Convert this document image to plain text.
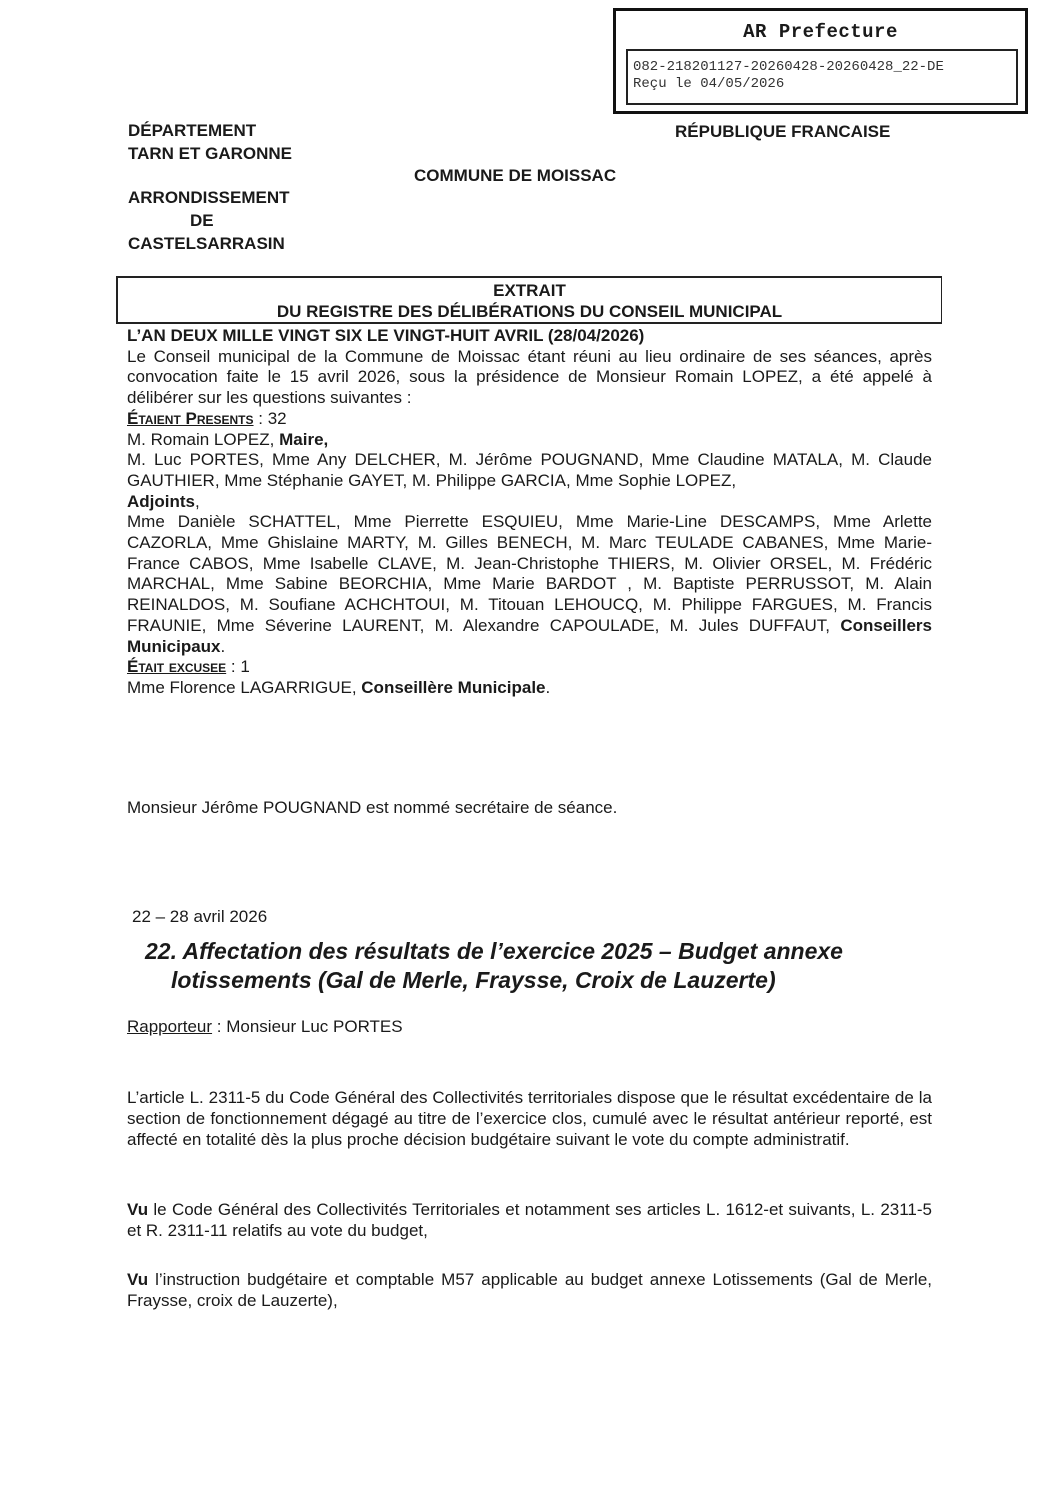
AR Prefecture
082-218201127-20260428-20260428_22-DE
Reçu le 04/05/2026
DÉPARTEMENT
TARN ET GARONNE
RÉPUBLIQUE FRANCAISE
COMMUNE DE MOISSAC
ARRONDISSEMENT
DE
CASTELSARRASIN
EXTRAIT
DU REGISTRE DES DÉLIBÉRATIONS DU CONSEIL MUNICIPAL

L’AN DEUX MILLE VINGT SIX LE VINGT-HUIT AVRIL (28/04/2026)

Le Conseil municipal de la Commune de Moissac étant réuni au lieu ordinaire de ses séances, après convocation faite le 15 avril 2026, sous la présidence de Monsieur Romain LOPEZ, a été appelé à délibérer sur les questions suivantes :

Étaient Presents : 32

M. Romain LOPEZ, Maire,

M. Luc PORTES, Mme Any DELCHER, M. Jérôme POUGNAND, Mme Claudine MATALA, M. Claude GAUTHIER, Mme Stéphanie GAYET, M. Philippe GARCIA, Mme Sophie LOPEZ,

Adjoints,

Mme Danièle SCHATTEL, Mme Pierrette ESQUIEU, Mme Marie-Line DESCAMPS, Mme Arlette CAZORLA, Mme Ghislaine MARTY, M. Gilles BENECH, M. Marc TEULADE CABANES, Mme Marie-France CABOS, Mme Isabelle CLAVE, M. Jean-Christophe THIERS, M. Olivier ORSEL, M. Frédéric MARCHAL, Mme Sabine BEORCHIA, Mme Marie BARDOT , M. Baptiste PERRUSSOT, M. Alain REINALDOS, M. Soufiane ACHCHTOUI, M. Titouan LEHOUCQ, M. Philippe FARGUES, M. Francis FRAUNIE, Mme Séverine LAURENT, M. Alexandre CAPOULADE, M. Jules DUFFAUT, Conseillers Municipaux.

Était excusee : 1

Mme Florence LAGARRIGUE, Conseillère Municipale.

Monsieur Jérôme POUGNAND est nommé secrétaire de séance.
22 – 28 avril 2026
22. Affectation des résultats de l’exercice 2025 – Budget annexe
lotissements (Gal de Merle, Fraysse, Croix de Lauzerte)
Rapporteur : Monsieur Luc PORTES

L’article L. 2311-5 du Code Général des Collectivités territoriales dispose que le résultat excédentaire de la section de fonctionnement dégagé au titre de l’exercice clos, cumulé avec le résultat antérieur reporté, est affecté en totalité dès la plus proche décision budgétaire suivant le vote du compte administratif.

Vu le Code Général des Collectivités Territoriales et notamment ses articles L. 1612-et suivants, L. 2311-5 et R. 2311-11 relatifs au vote du budget,

Vu l’instruction budgétaire et comptable M57 applicable au budget annexe Lotissements (Gal de Merle, Fraysse, croix de Lauzerte),
